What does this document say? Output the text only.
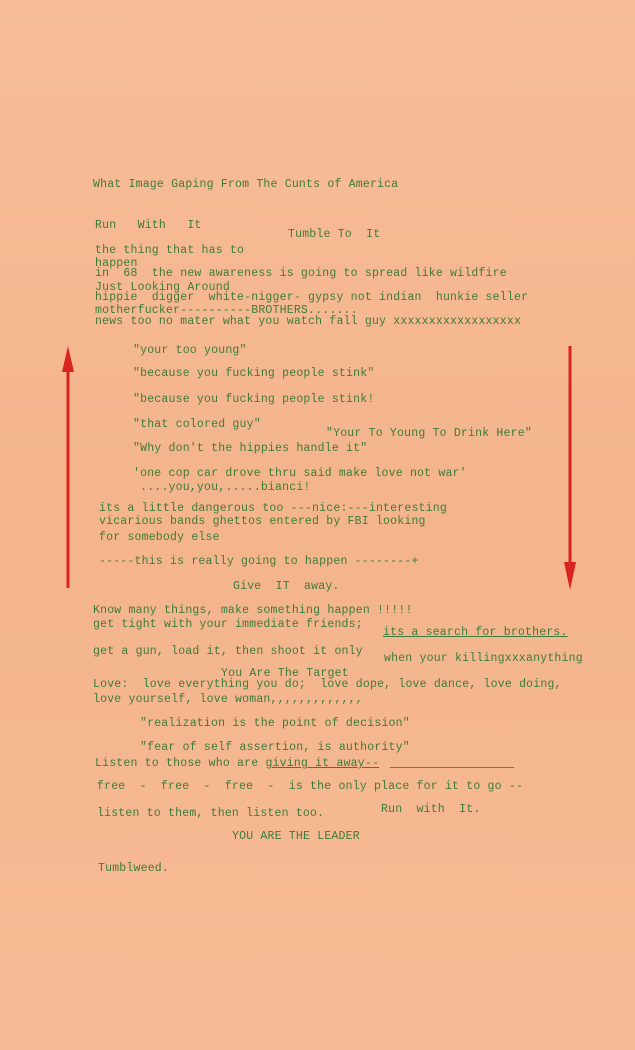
What Image Gaping From The Cunts of America
Run   With   It
Tumble To  It
the thing that has to
happen
in  68  the new awareness is going to spread like wildfire
Just Looking Around
hippie  digger  white-nigger- gypsy not indian  hunkie seller
motherfucker----------BROTHERS.......
news too no mater what you watch fall guy xxxxxxxxxxxxxxxxxx
"your too young"
"because you fucking people stink"
"because you fucking people stink!
"that colored guy"
"Your To Young To Drink Here"
"Why don't the hippies handle it"
'one cop car drove thru said make love not war'
....you,you,.....bianci!
its a little dangerous too ---nice:---interesting
vicarious bands ghettos entered by FBI looking
for somebody else
-----this is really going to happen --------+
Give  IT  away.
Know many things, make something happen !!!!!
get tight with your immediate friends;
its a search for brothers.
get a gun, load it, then shoot it only
when your killingxxxanything
You Are The Target
Love:  love everything you do;  love dope, love dance, love doing,
love yourself, love woman,,,,,,,,,,,,,
"realization is the point of decision"
"fear of self assertion, is authority"
Listen to those who are giving it away--
free  -  free  -  free  -  is the only place for it to go --
listen to them, then listen too.	Run  with  It.
YOU ARE THE LEADER
Tumblweed.
